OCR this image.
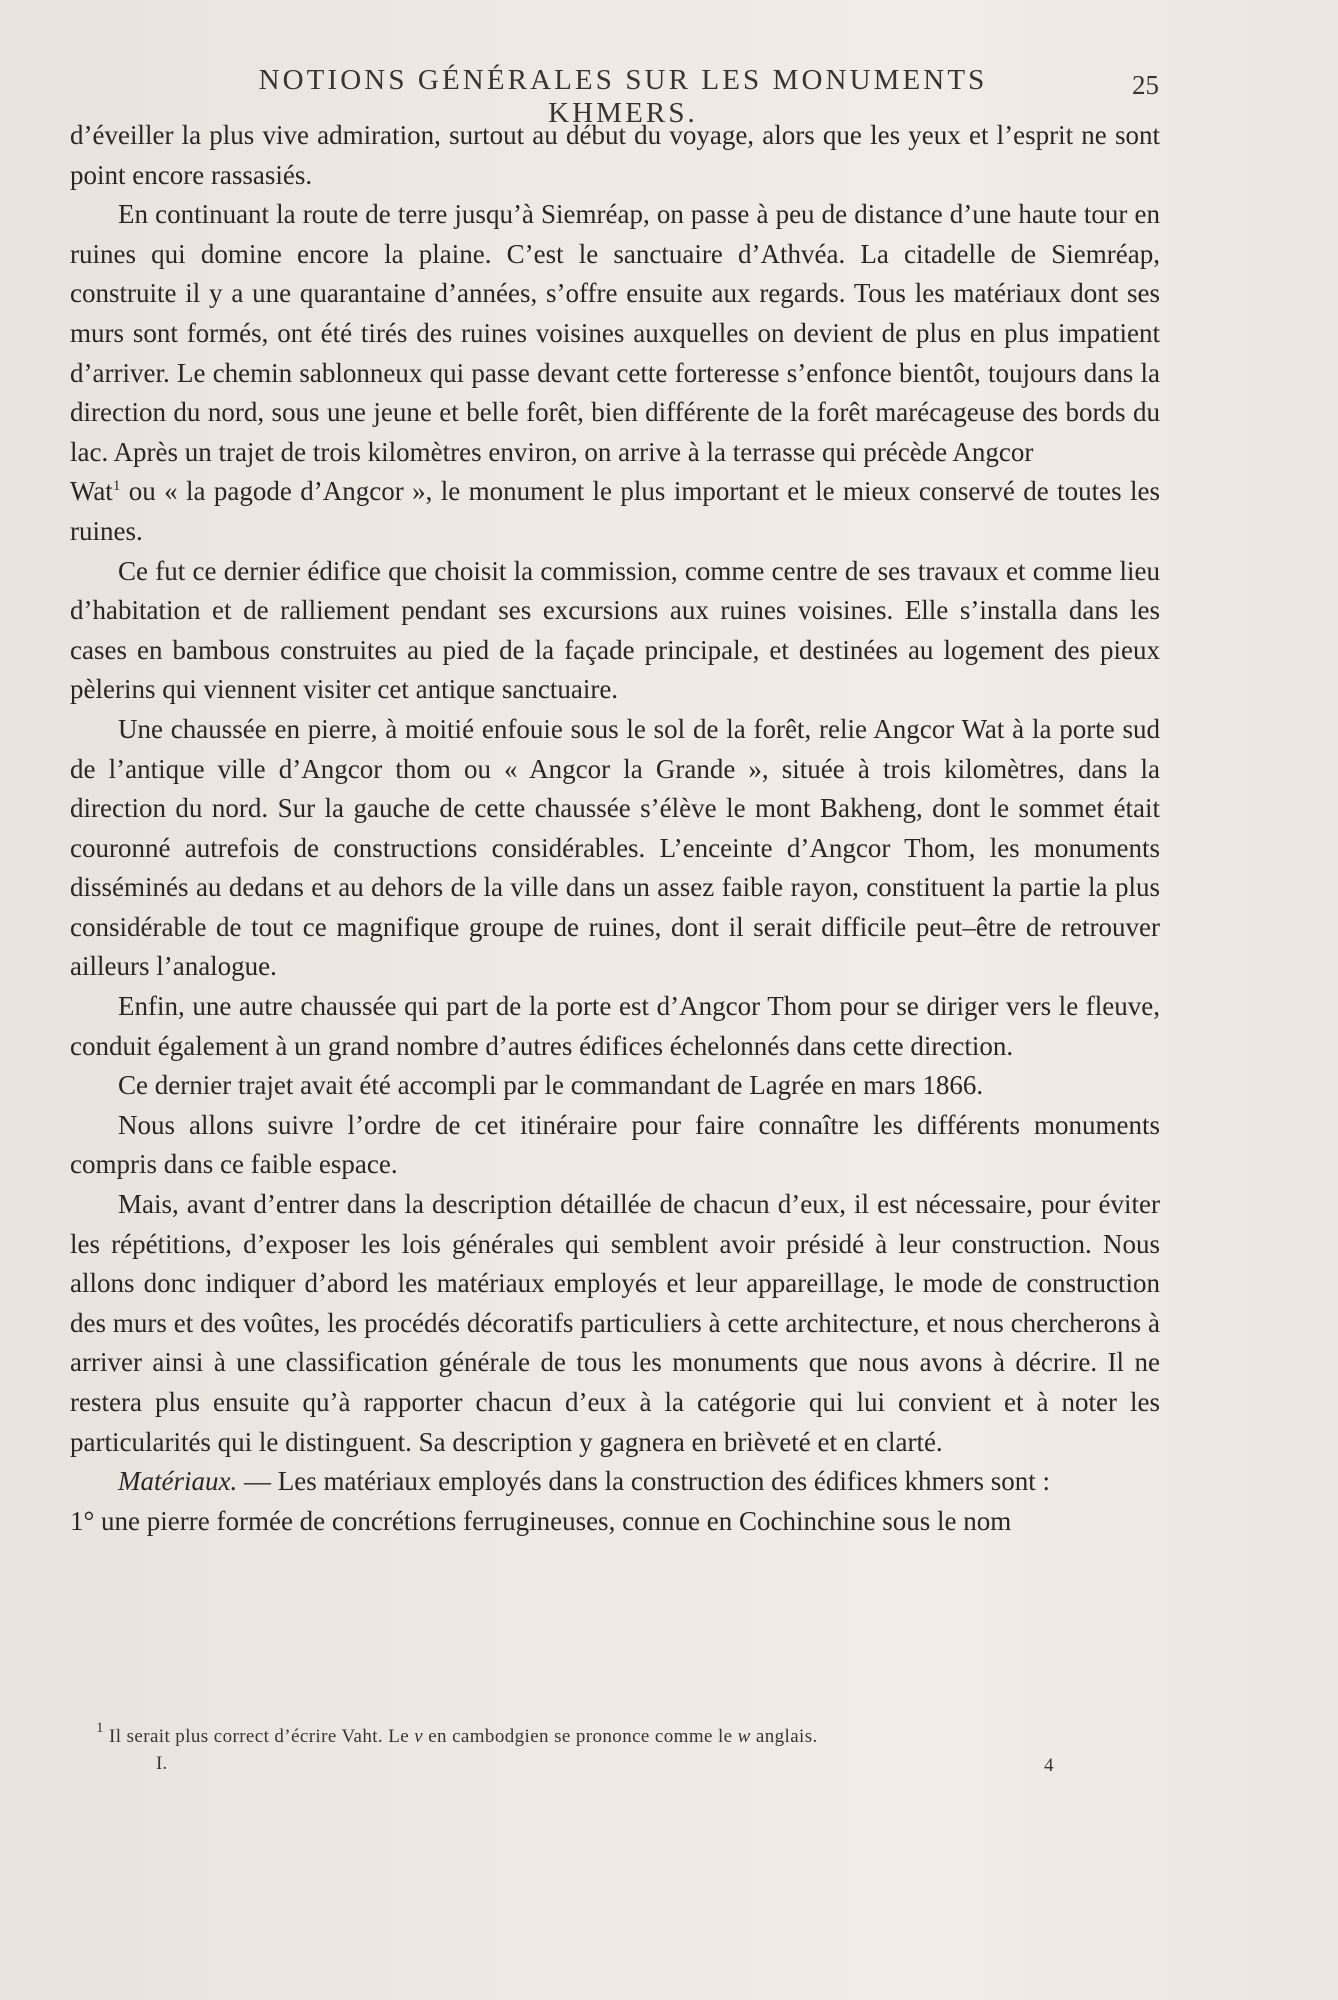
NOTIONS GÉNÉRALES SUR LES MONUMENTS KHMERS.
25

d’éveiller la plus vive admiration, surtout au début du voyage, alors que les yeux et l’esprit ne sont point encore rassasiés.

En continuant la route de terre jusqu’à Siemréap, on passe à peu de distance d’une haute tour en ruines qui domine encore la plaine. C’est le sanctuaire d’Athvéa. La citadelle de Siemréap, construite il y a une quarantaine d’années, s’offre ensuite aux regards. Tous les matériaux dont ses murs sont formés, ont été tirés des ruines voisines auxquelles on devient de plus en plus impatient d’arriver. Le chemin sablonneux qui passe devant cette forteresse s’enfonce bientôt, toujours dans la direction du nord, sous une jeune et belle forêt, bien différente de la forêt marécageuse des bords du lac. Après un trajet de trois kilomètres environ, on arrive à la terrasse qui précède Angcor
Wat$^1$ ou « la pagode d’Angcor », le monument le plus important et le mieux conservé de toutes les ruines.

Ce fut ce dernier édifice que choisit la commission, comme centre de ses travaux et comme lieu d’habitation et de ralliement pendant ses excursions aux ruines voisines. Elle s’installa dans les cases en bambous construites au pied de la façade principale, et destinées au logement des pieux pèlerins qui viennent visiter cet antique sanctuaire.

Une chaussée en pierre, à moitié enfouie sous le sol de la forêt, relie Angcor Wat à la porte sud de l’antique ville d’Angcor thom ou « Angcor la Grande », située à trois kilomètres, dans la direction du nord. Sur la gauche de cette chaussée s’élève le mont Bakheng, dont le sommet était couronné autrefois de constructions considérables. L’enceinte d’Angcor Thom, les monuments disséminés au dedans et au dehors de la ville dans un assez faible rayon, constituent la partie la plus considérable de tout ce magnifique groupe de ruines, dont il serait difficile peut–être de retrouver ailleurs l’analogue.

Enfin, une autre chaussée qui part de la porte est d’Angcor Thom pour se diriger vers le fleuve, conduit également à un grand nombre d’autres édifices échelonnés dans cette direction.

Ce dernier trajet avait été accompli par le commandant de Lagrée en mars 1866.

Nous allons suivre l’ordre de cet itinéraire pour faire connaître les différents monuments compris dans ce faible espace.

Mais, avant d’entrer dans la description détaillée de chacun d’eux, il est nécessaire, pour éviter les répétitions, d’exposer les lois générales qui semblent avoir présidé à leur construction. Nous allons donc indiquer d’abord les matériaux employés et leur appareillage, le mode de construction des murs et des voûtes, les procédés décoratifs particuliers à cette architecture, et nous chercherons à arriver ainsi à une classification générale de tous les monuments que nous avons à décrire. Il ne restera plus ensuite qu’à rapporter chacun d’eux à la catégorie qui lui convient et à noter les particularités qui le distinguent. Sa description y gagnera en brièveté et en clarté.

Matériaux. — Les matériaux employés dans la construction des édifices khmers sont :
1° une pierre formée de concrétions ferrugineuses, connue en Cochinchine sous le nom

$^1$ Il serait plus correct d’écrire Vaht. Le v en cambodgien se prononce comme le w anglais.
I.	4
